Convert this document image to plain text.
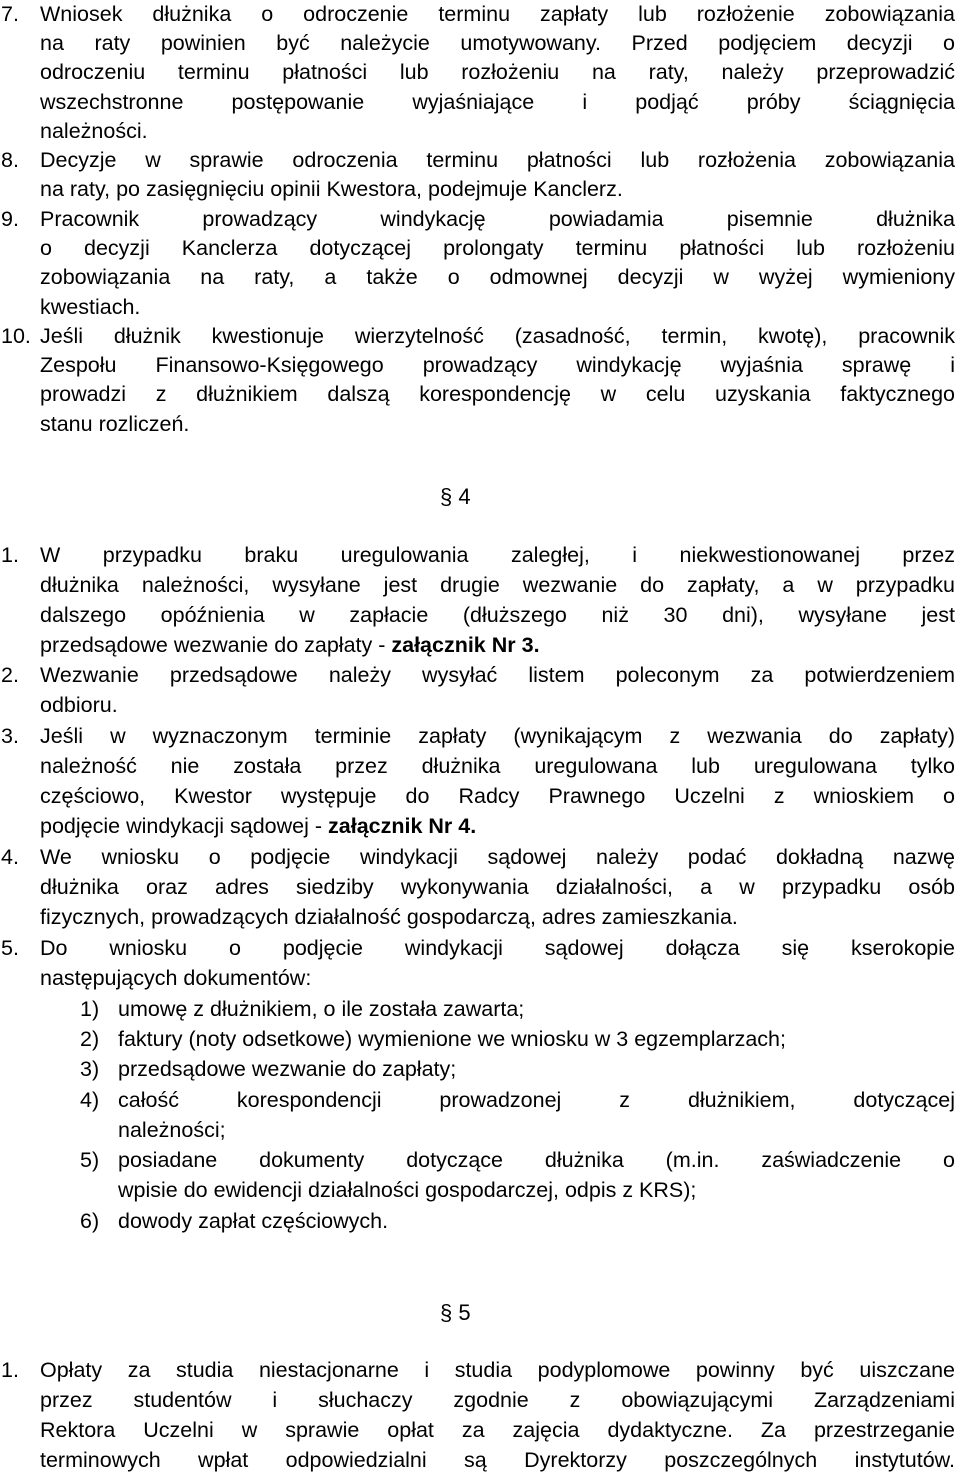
7. Wniosek dłużnika o odroczenie terminu zapłaty lub rozłożenie zobowiązania
na raty powinien być należycie umotywowany. Przed podjęciem decyzji o
odroczeniu terminu płatności lub rozłożeniu na raty, należy przeprowadzić
wszechstronne postępowanie wyjaśniające i podjąć próby ściągnięcia
należności.
8. Decyzje w sprawie odroczenia terminu płatności lub rozłożenia zobowiązania
na raty, po zasięgnięciu opinii Kwestora, podejmuje Kanclerz.
9. Pracownik prowadzący windykację powiadamia pisemnie dłużnika
o decyzji Kanclerza dotyczącej prolongaty terminu płatności lub rozłożeniu
zobowiązania na raty, a także o odmownej decyzji w wyżej wymieniony
kwestiach.
10. Jeśli dłużnik kwestionuje wierzytelność (zasadność, termin, kwotę), pracownik
Zespołu Finansowo-Księgowego prowadzący windykację wyjaśnia sprawę i
prowadzi z dłużnikiem dalszą korespondencję w celu uzyskania faktycznego
stanu rozliczeń.
§ 4
1. W przypadku braku uregulowania zaległej, i niekwestionowanej przez
dłużnika należności, wysyłane jest drugie wezwanie do zapłaty, a w przypadku
dalszego opóźnienia w zapłacie (dłuższego niż 30 dni), wysyłane jest
przedsądowe wezwanie do zapłaty - załącznik Nr 3.
2. Wezwanie przedsądowe należy wysyłać listem poleconym za potwierdzeniem
odbioru.
3. Jeśli w wyznaczonym terminie zapłaty (wynikającym z wezwania do zapłaty)
należność nie została przez dłużnika uregulowana lub uregulowana tylko
częściowo, Kwestor występuje do Radcy Prawnego Uczelni z wnioskiem o
podjęcie windykacji sądowej - załącznik Nr 4.
4. We wniosku o podjęcie windykacji sądowej należy podać dokładną nazwę
dłużnika oraz adres siedziby wykonywania działalności, a w przypadku osób
fizycznych, prowadzących działalność gospodarczą, adres zamieszkania.
5. Do wniosku o podjęcie windykacji sądowej dołącza się kserokopie
następujących dokumentów:
1) umowę z dłużnikiem, o ile została zawarta;
2) faktury (noty odsetkowe) wymienione we wniosku w 3 egzemplarzach;
3) przedsądowe wezwanie do zapłaty;
4) całość korespondencji prowadzonej z dłużnikiem, dotyczącej
należności;
5) posiadane dokumenty dotyczące dłużnika (m.in. zaświadczenie o
wpisie do ewidencji działalności gospodarczej, odpis z KRS);
6) dowody zapłat częściowych.
§ 5
1. Opłaty za studia niestacjonarne i studia podyplomowe powinny być uiszczane
przez studentów i słuchaczy zgodnie z obowiązującymi Zarządzeniami
Rektora Uczelni w sprawie opłat za zajęcia dydaktyczne. Za przestrzeganie
terminowych wpłat odpowiedzialni są Dyrektorzy poszczególnych instytutów.
